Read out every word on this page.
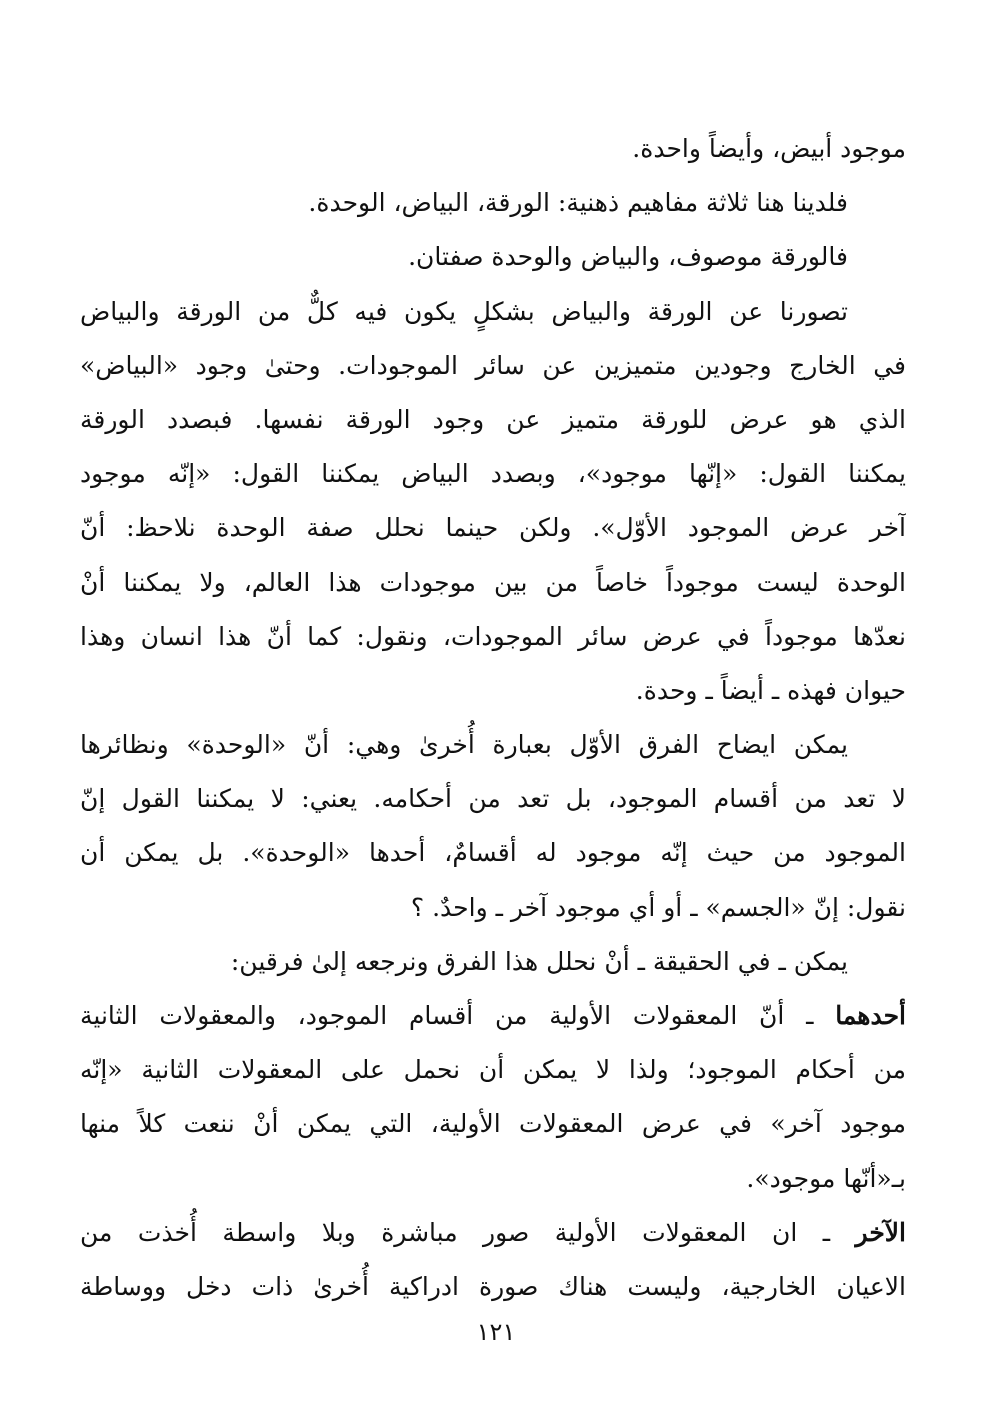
موجود أبيض، وأيضاً واحدة.
فلدينا هنا ثلاثة مفاهيم ذهنية: الورقة، البياض، الوحدة.
فالورقة موصوف، والبياض والوحدة صفتان.
تصورنا عن الورقة والبياض بشكلٍ يكون فيه كلٌّ من الورقة والبياض
في الخارج وجودين متميزين عن سائر الموجودات. وحتىٰ وجود «البياض»
الذي هو عرض للورقة متميز عن وجود الورقة نفسها. فبصدد الورقة
يمكننا القول: «إنّها موجود»، وبصدد البياض يمكننا القول: «إنّه موجود
آخر عرض الموجود الأوّل». ولكن حينما نحلل صفة الوحدة نلاحظ: أنّ
الوحدة ليست موجوداً خاصاً من بين موجودات هذا العالم، ولا يمكننا أنْ
نعدّها موجوداً في عرض سائر الموجودات، ونقول: كما أنّ هذا انسان وهذا
حيوان فهذه ـ أيضاً ـ وحدة.
يمكن ايضاح الفرق الأوّل بعبارة أُخرىٰ وهي: أنّ «الوحدة» ونظائرها
لا تعد من أقسام الموجود، بل تعد من أحكامه. يعني: لا يمكننا القول إنّ
الموجود من حيث إنّه موجود له أقسامٌ، أحدها «الوحدة». بل يمكن أن
نقول: إنّ «الجسم» ـ أو أي موجود آخر ـ واحدٌ. ؟
يمكن ـ في الحقيقة ـ أنْ نحلل هذا الفرق ونرجعه إلىٰ فرقين:
أحدهما ـ أنّ المعقولات الأولية من أقسام الموجود، والمعقولات الثانية
من أحكام الموجود؛ ولذا لا يمكن أن نحمل على المعقولات الثانية «إنّه
موجود آخر» في عرض المعقولات الأولية، التي يمكن أنْ ننعت كلاً منها
بـ«أنّها موجود».
الآخر ـ ان المعقولات الأولية صور مباشرة وبلا واسطة أُخذت من
الاعيان الخارجية، وليست هناك صورة ادراكية أُخرىٰ ذات دخل ووساطة
١٢١
